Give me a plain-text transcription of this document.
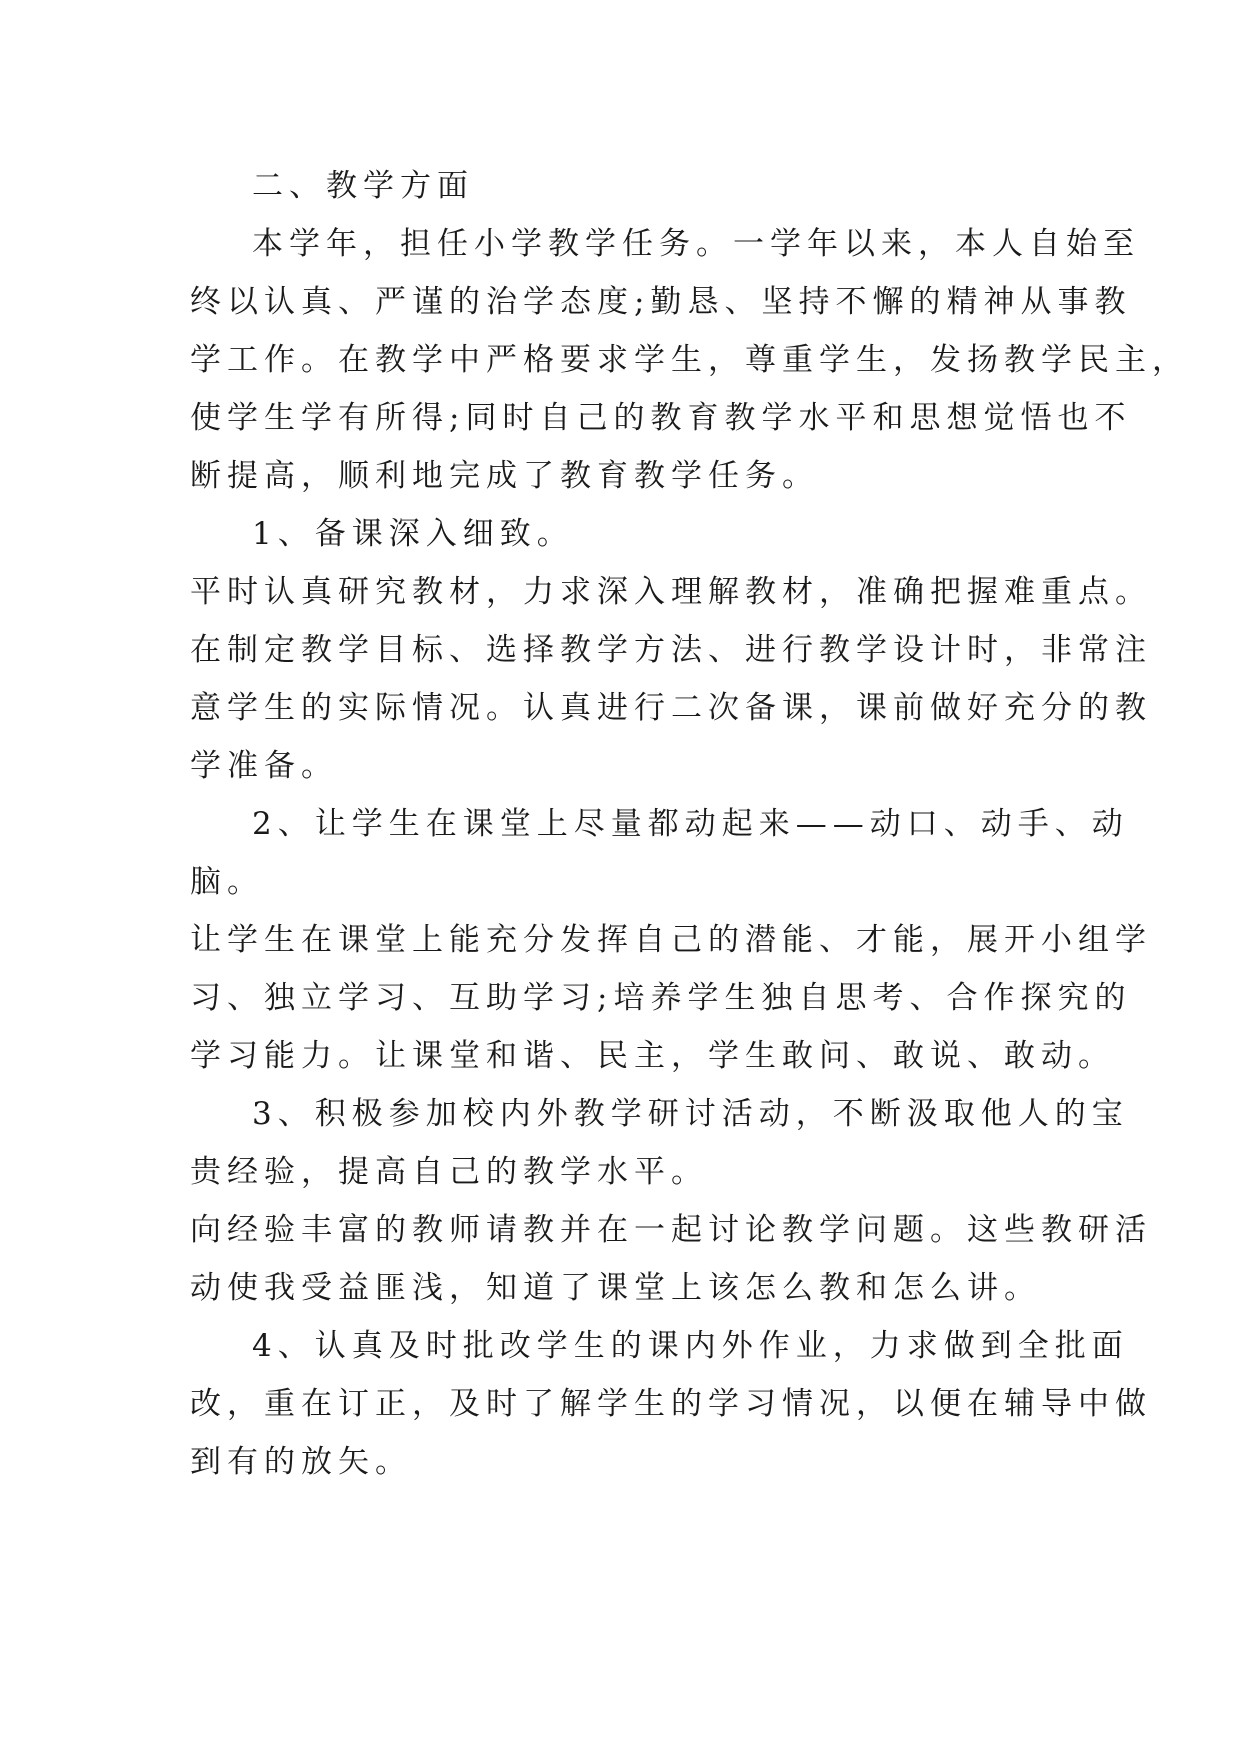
二、教学方面
本学年，担任小学教学任务。一学年以来，本人自始至
终以认真、严谨的治学态度;勤恳、坚持不懈的精神从事教
学工作。在教学中严格要求学生，尊重学生，发扬教学民主，
使学生学有所得;同时自己的教育教学水平和思想觉悟也不
断提高，顺利地完成了教育教学任务。
1、备课深入细致。
平时认真研究教材，力求深入理解教材，准确把握难重点。
在制定教学目标、选择教学方法、进行教学设计时，非常注
意学生的实际情况。认真进行二次备课，课前做好充分的教
学准备。
2、让学生在课堂上尽量都动起来——动口、动手、动
脑。
让学生在课堂上能充分发挥自己的潜能、才能，展开小组学
习、独立学习、互助学习;培养学生独自思考、合作探究的
学习能力。让课堂和谐、民主，学生敢问、敢说、敢动。
3、积极参加校内外教学研讨活动，不断汲取他人的宝
贵经验，提高自己的教学水平。
向经验丰富的教师请教并在一起讨论教学问题。这些教研活
动使我受益匪浅，知道了课堂上该怎么教和怎么讲。
4、认真及时批改学生的课内外作业，力求做到全批面
改，重在订正，及时了解学生的学习情况，以便在辅导中做
到有的放矢。
